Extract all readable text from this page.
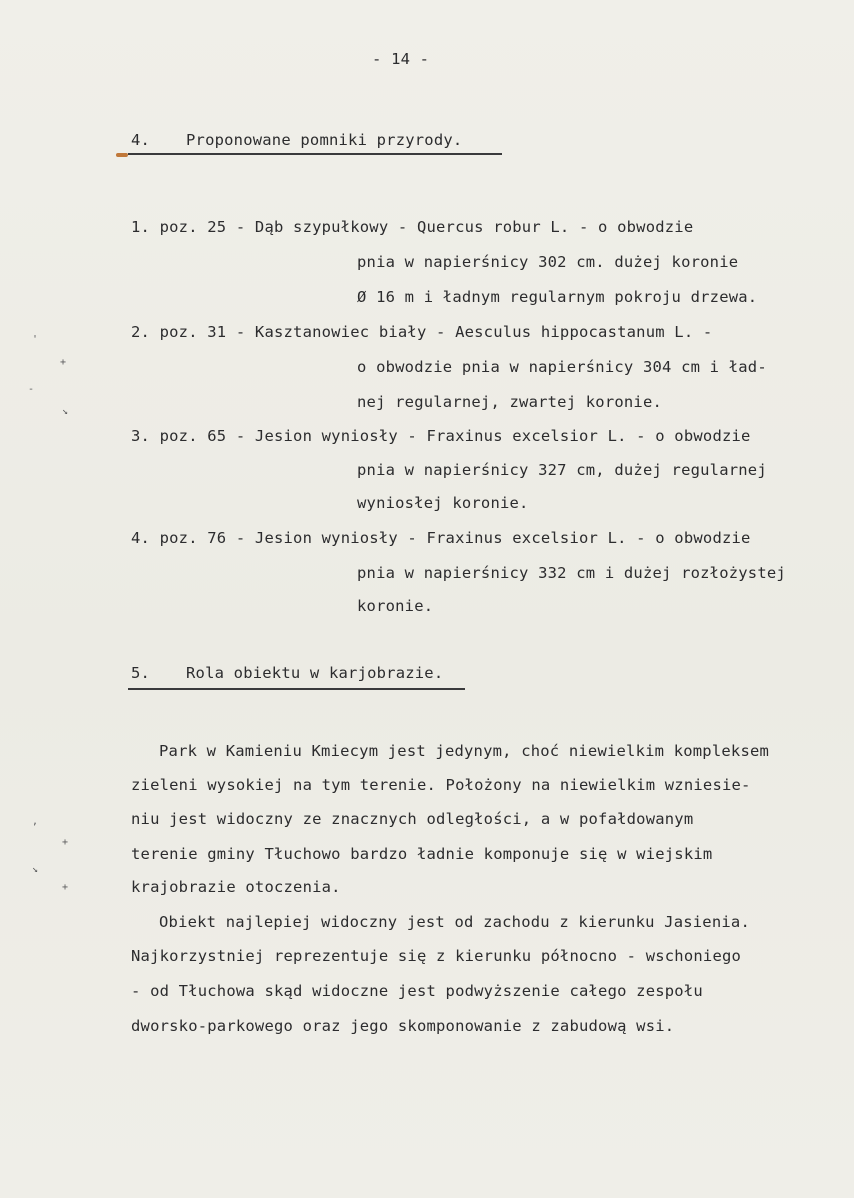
- 14 -
4. Proponowane pomniki przyrody.
1. poz. 25 - Dąb szypułkowy - Quercus robur L. - o obwodzie
pnia w napierśnicy 302 cm. dużej koronie
Ø 16 m i ładnym regularnym pokroju drzewa.
2. poz. 31 - Kasztanowiec biały - Aesculus hippocastanum L. -
o obwodzie pnia w napierśnicy 304 cm i ład-
nej regularnej, zwartej koronie.
3. poz. 65 - Jesion wyniosły - Fraxinus excelsior L. - o obwodzie
pnia w napierśnicy 327 cm, dużej regularnej
wyniosłej koronie.
4. poz. 76 - Jesion wyniosły - Fraxinus excelsior L. - o obwodzie
pnia w napierśnicy 332 cm i dużej rozłożystej
koronie.
5. Rola obiektu w karjobrazie.
Park w Kamieniu Kmiecym jest jedynym, choć niewielkim kompleksem
zieleni wysokiej na tym terenie. Położony na niewielkim wzniesie-
niu jest widoczny ze znacznych odległości, a w pofałdowanym
terenie gminy Tłuchowo bardzo ładnie komponuje się w wiejskim
krajobrazie otoczenia.
Obiekt najlepiej widoczny jest od zachodu z kierunku Jasienia.
Najkorzystniej reprezentuje się z kierunku północno - wschoniego
- od Tłuchowa skąd widoczne jest podwyższenie całego zespołu
dworsko-parkowego oraz jego skomponowanie z zabudową wsi.
'
+
-
↘
,
+
↘
+
